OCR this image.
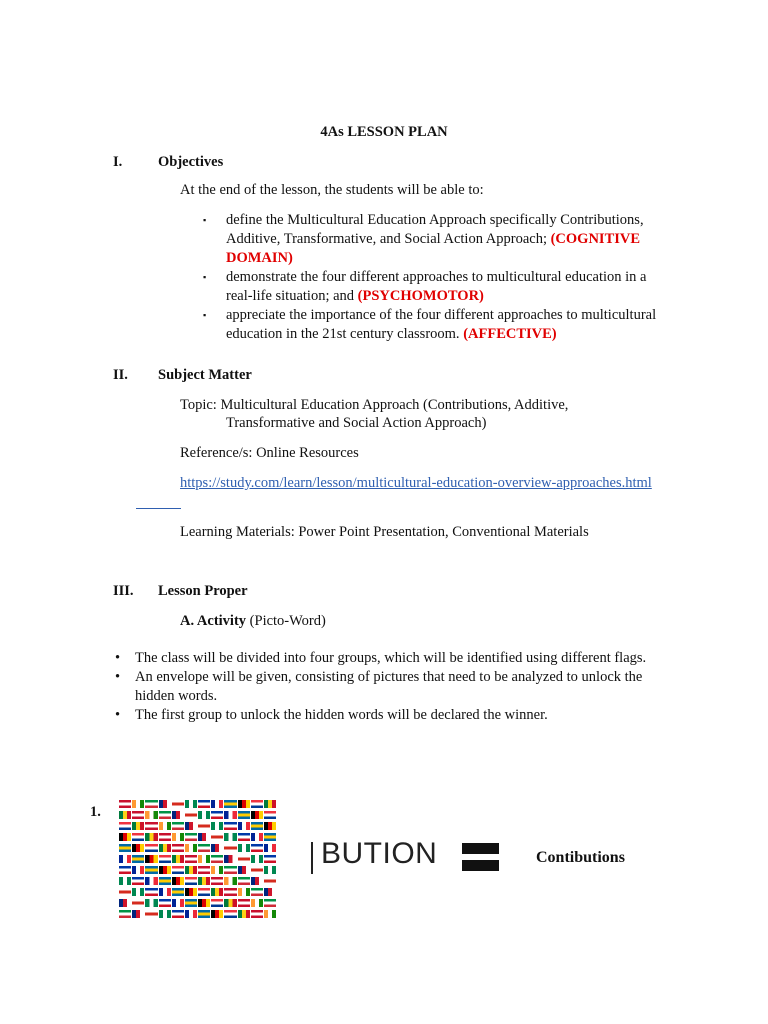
4As LESSON PLAN
I. Objectives
At the end of the lesson, the students will be able to:
▪ define the Multicultural Education Approach specifically Contributions, Additive, Transformative, and Social Action Approach; (COGNITIVE DOMAIN)
▪ demonstrate the four different approaches to multicultural education in a real-life situation; and (PSYCHOMOTOR)
▪ appreciate the importance of the four different approaches to multicultural education in the 21st century classroom. (AFFECTIVE)
II. Subject Matter
Topic: Multicultural Education Approach (Contributions, Additive,
Transformative and Social Action Approach)
Reference/s: Online Resources
https://study.com/learn/lesson/multicultural-education-overview-approaches.html
Learning Materials: Power Point Presentation, Conventional Materials
III. Lesson Proper
A. Activity (Picto-Word)
• The class will be divided into four groups, which will be identified using different flags.
• An envelope will be given, consisting of pictures that need to be analyzed to unlock the hidden words.
• The first group to unlock the hidden words will be declared the winner.
1.
BUTION	Contibutions
